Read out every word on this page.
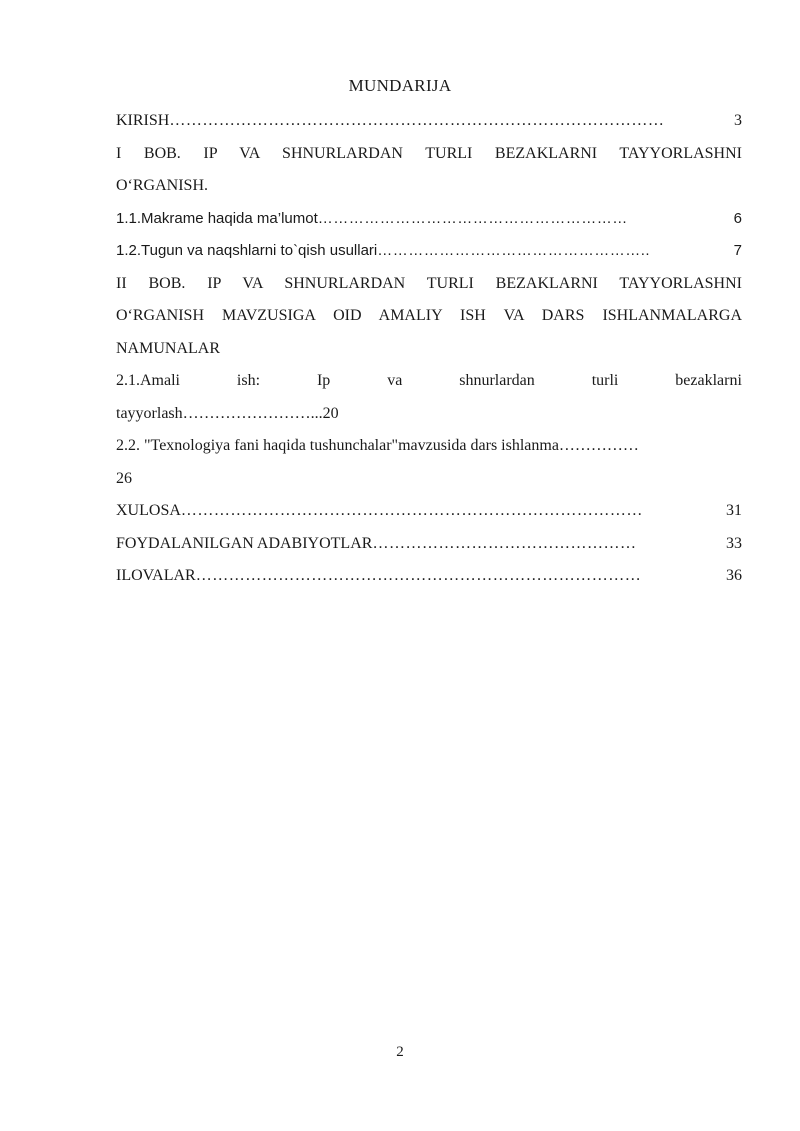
MUNDARIJA
KIRISH ………………………………………………………………………………	3
I BOB. IP VA SHNURLARDAN TURLI BEZAKLARNI TAYYORLASHNI
O‘RGANISH.
1.1.Makrame haqida ma’lumot ……………………………………………………	6
1.2.Tugun va naqshlarni to`qish usullari ……………………………………………..	7
II BOB. IP VA SHNURLARDAN TURLI BEZAKLARNI TAYYORLASHNI
O‘RGANISH MAVZUSIGA OID AMALIY ISH VA DARS ISHLANMALARGA
NAMUNALAR
2.1.Amali	ish:	Ip	va	shnurlardan	turli	bezaklarni
tayyorlash……………………...20
2.2. "Texnologiya fani haqida tushunchalar"mavzusida dars ishlanma……………
26
XULOSA …………………………………………………………………………	31
FOYDALANILGAN ADABIYOTLAR …………………………………………	33
ILOVALAR ………………………………………………………………………	36
2
